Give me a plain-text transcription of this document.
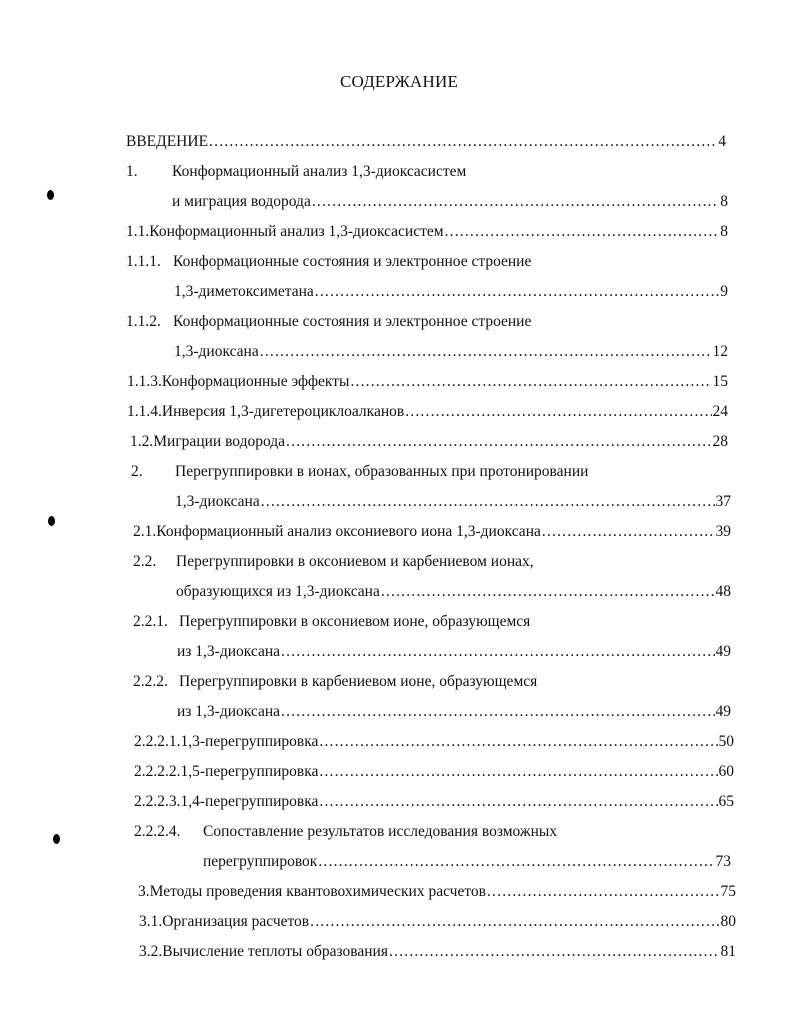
СОДЕРЖАНИЕ
ВВЕДЕНИЕ .....	4
1.	Конформационный анализ 1,3-диоксасистем
и миграция водорода .....	8
1.1. Конформационный анализ 1,3-диоксасистем .....	8
1.1.1. Конформационные состояния и электронное строение
1,3-диметоксиметана .....	9
1.1.2. Конформационные состояния и электронное строение
1,3-диоксана .....	12
1.1.3. Конформационные эффекты .....	15
1.1.4. Инверсия 1,3-дигетероциклоалканов .....	24
1.2. Миграции водорода .....	28
2.	Перегруппировки в ионах, образованных при протонировании
1,3-диоксана .....	37
2.1. Конформационный анализ оксониевого иона 1,3-диоксана .....	39
2.2.	Перегруппировки в оксониевом и карбениевом ионах,
образующихся из 1,3-диоксана .....	48
2.2.1. Перегруппировки в оксониевом ионе, образующемся
из 1,3-диоксана .....	49
2.2.2. Перегруппировки в карбениевом ионе, образующемся
из 1,3-диоксана .....	49
2.2.2.1. 1,3-перегруппировка .....	50
2.2.2.2. 1,5-перегруппировка .....	60
2.2.2.3. 1,4-перегруппировка .....	65
2.2.2.4.	Сопоставление результатов исследования возможных
перегруппировок .....	73
3. Методы проведения квантовохимических расчетов .....	75
3.1. Организация расчетов .....	80
3.2. Вычисление теплоты образования .....	81
